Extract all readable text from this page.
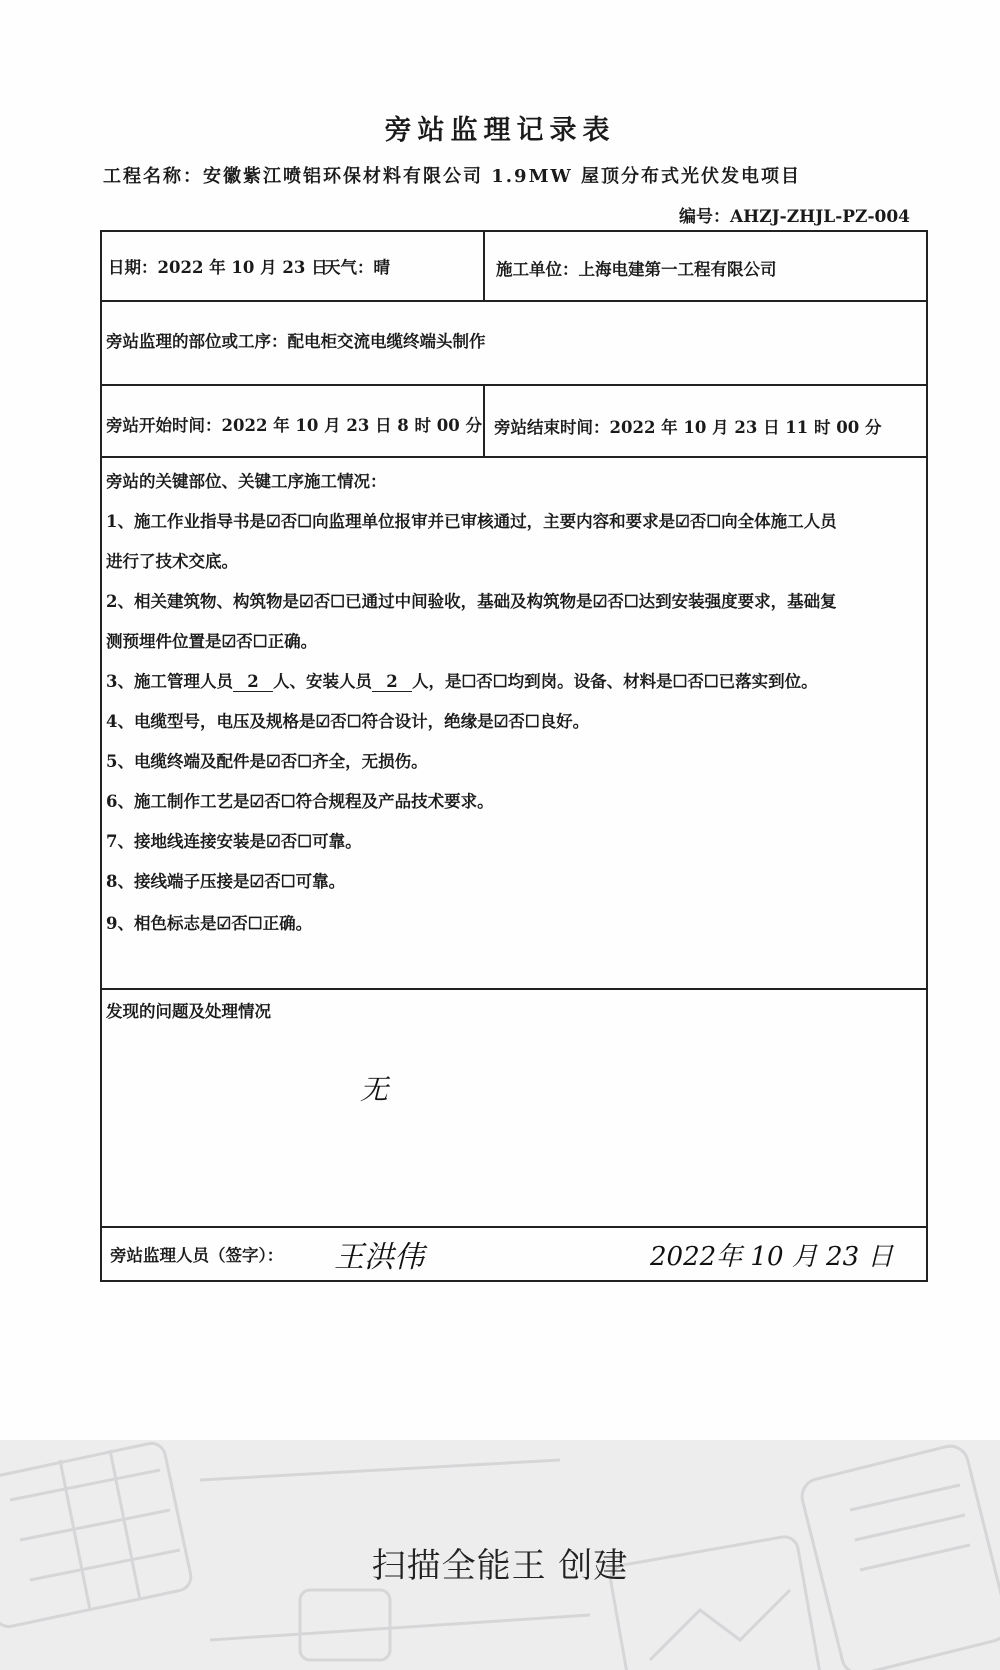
旁站监理记录表
工程名称：安徽紫江喷铝环保材料有限公司 1.9MW 屋顶分布式光伏发电项目
编号：AHZJ-ZHJL-PZ-004
日期：2022 年 10 月 23 日
天气：晴	施工单位：上海电建第一工程有限公司
旁站监理的部位或工序：配电柜交流电缆终端头制作
旁站开始时间：2022 年 10 月 23 日 8 时 00 分 旁站结束时间：2022 年 10 月 23 日 11 时 00 分
旁站的关键部位、关键工序施工情况：
1、施工作业指导书是☑否☐向监理单位报审并已审核通过，主要内容和要求是☑否☐向全体施工人员
进行了技术交底。
2、相关建筑物、构筑物是☑否☐已通过中间验收，基础及构筑物是☑否☐达到安装强度要求，基础复
测预埋件位置是☑否☐正确。
3、施工管理人员 2 人、安装人员 2 人，是☐否☐均到岗。设备、材料是☐否☐已落实到位。
4、电缆型号，电压及规格是☑否☐符合设计，绝缘是☑否☐良好。
5、电缆终端及配件是☑否☐齐全，无损伤。
6、施工制作工艺是☑否☐符合规程及产品技术要求。
7、接地线连接安装是☑否☐可靠。
8、接线端子压接是☑否☐可靠。
9、相色标志是☑否☐正确。
发现的问题及处理情况
无
旁站监理人员（签字）： 王洪伟	2022年 10 月 23 日
扫描全能王 创建
